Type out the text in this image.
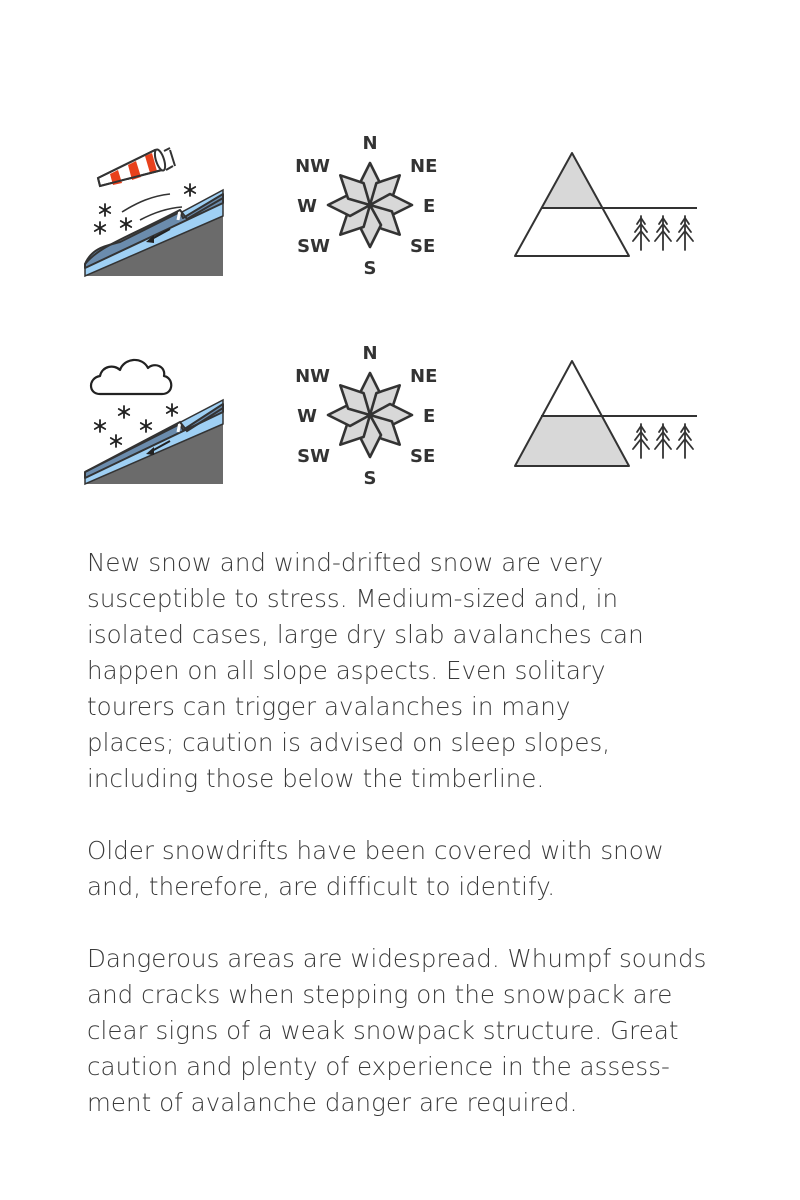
N
NE
E
SE
S
SW
W
NW
N
NE
E
SE
S
SW
W
NW

New snow and wind-drifted snow are very
susceptible to stress. Medium-sized and, in
isolated cases, large dry slab avalanches can
happen on all slope aspects. Even solitary
tourers can trigger avalanches in many
places; caution is advised on sleep slopes,
including those below the timberline.

Older snowdrifts have been covered with snow
and, therefore, are difficult to identify.

Dangerous areas are widespread. Whumpf sounds
and cracks when stepping on the snowpack are
clear signs of a weak snowpack structure. Great
caution and plenty of experience in the assess-
ment of avalanche danger are required.
